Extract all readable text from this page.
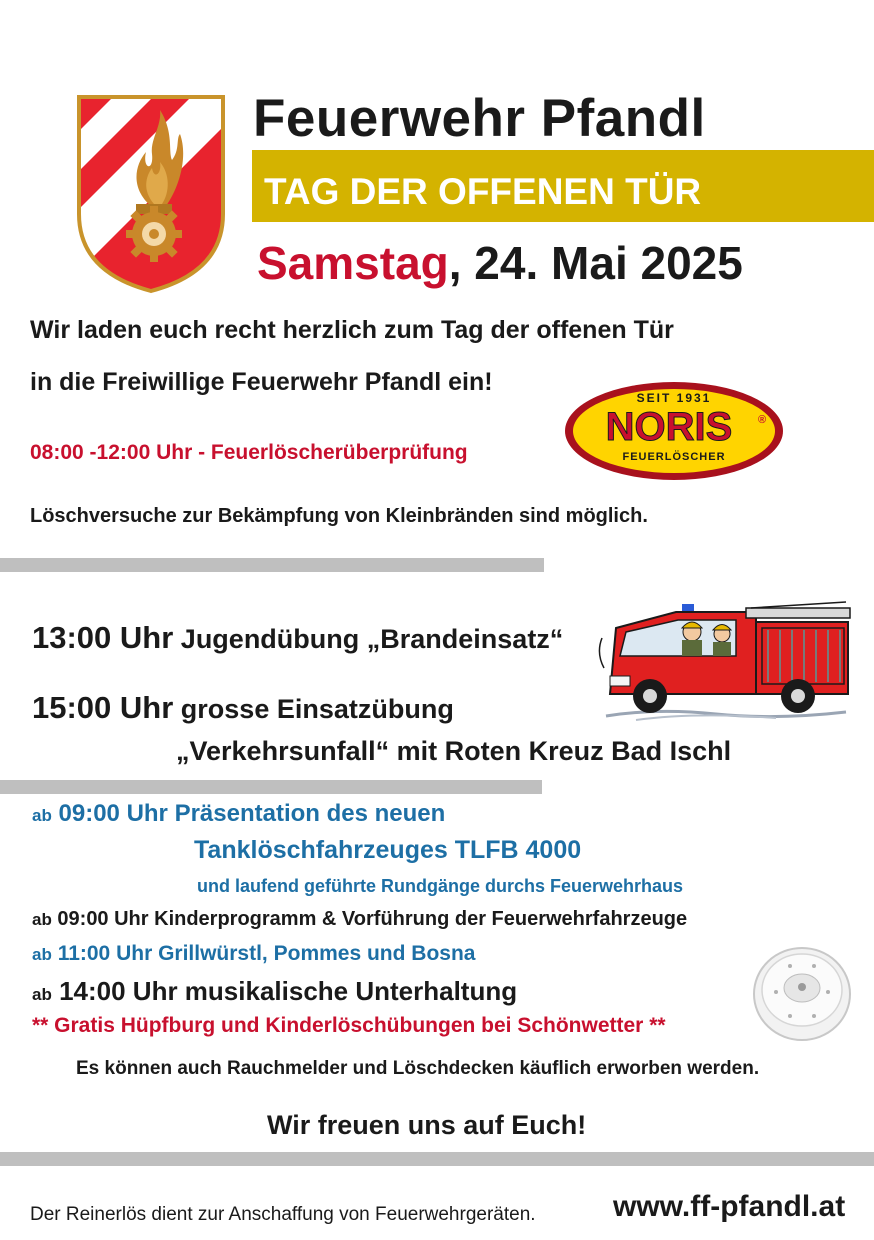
Feuerwehr Pfandl
TAG DER OFFENEN TÜR
Samstag, 24. Mai 2025
Wir laden euch recht herzlich zum Tag der offenen Tür
in die Freiwillige Feuerwehr Pfandl ein!
SEIT 1931
NORIS ®
FEUERLÖSCHER
08:00 -12:00 Uhr - Feuerlöscherüberprüfung
Löschversuche zur Bekämpfung von Kleinbränden sind möglich.
13:00 Uhr Jugendübung „Brandeinsatz“
15:00 Uhr grosse Einsatzübung
„Verkehrsunfall“ mit Roten Kreuz Bad Ischl
ab 09:00 Uhr Präsentation des neuen
Tanklöschfahrzeuges TLFB 4000
und laufend geführte Rundgänge durchs Feuerwehrhaus
ab 09:00 Uhr Kinderprogramm & Vorführung der Feuerwehrfahrzeuge
ab 11:00 Uhr Grillwürstl, Pommes und Bosna
ab 14:00 Uhr musikalische Unterhaltung
** Gratis Hüpfburg und Kinderlöschübungen bei Schönwetter **
Es können auch Rauchmelder und Löschdecken käuflich erworben werden.
Wir freuen uns auf Euch!
Der Reinerlös dient zur Anschaffung von Feuerwehrgeräten.	www.ff-pfandl.at
